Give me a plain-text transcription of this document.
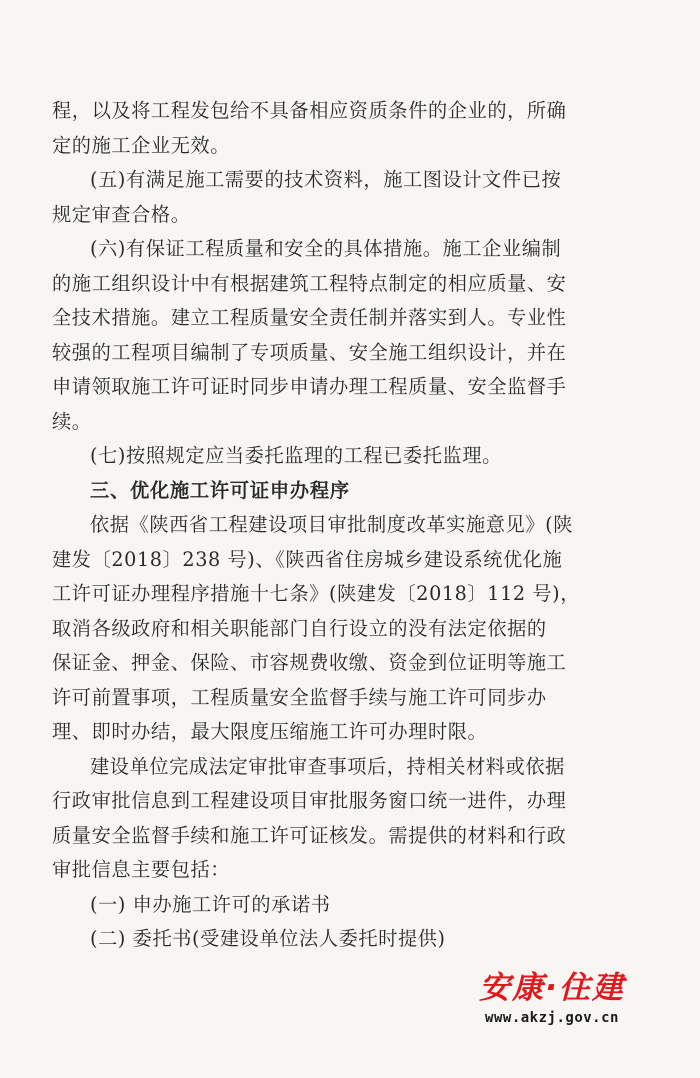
程，以及将工程发包给不具备相应资质条件的企业的，所确
定的施工企业无效。
(五)有满足施工需要的技术资料，施工图设计文件已按
规定审查合格。
(六)有保证工程质量和安全的具体措施。施工企业编制
的施工组织设计中有根据建筑工程特点制定的相应质量、安
全技术措施。建立工程质量安全责任制并落实到人。专业性
较强的工程项目编制了专项质量、安全施工组织设计，并在
申请领取施工许可证时同步申请办理工程质量、安全监督手
续。
(七)按照规定应当委托监理的工程已委托监理。
三、优化施工许可证申办程序
依据《陕西省工程建设项目审批制度改革实施意见》(陕
建发〔2018〕238 号)、《陕西省住房城乡建设系统优化施
工许可证办理程序措施十七条》(陕建发〔2018〕112 号)，
取消各级政府和相关职能部门自行设立的没有法定依据的
保证金、押金、保险、市容规费收缴、资金到位证明等施工
许可前置事项，工程质量安全监督手续与施工许可同步办
理、即时办结，最大限度压缩施工许可办理时限。
建设单位完成法定审批审查事项后，持相关材料或依据
行政审批信息到工程建设项目审批服务窗口统一进件，办理
质量安全监督手续和施工许可证核发。需提供的材料和行政
审批信息主要包括：
(一) 申办施工许可的承诺书
(二) 委托书(受建设单位法人委托时提供)
安康·住建
www.akzj.gov.cn
